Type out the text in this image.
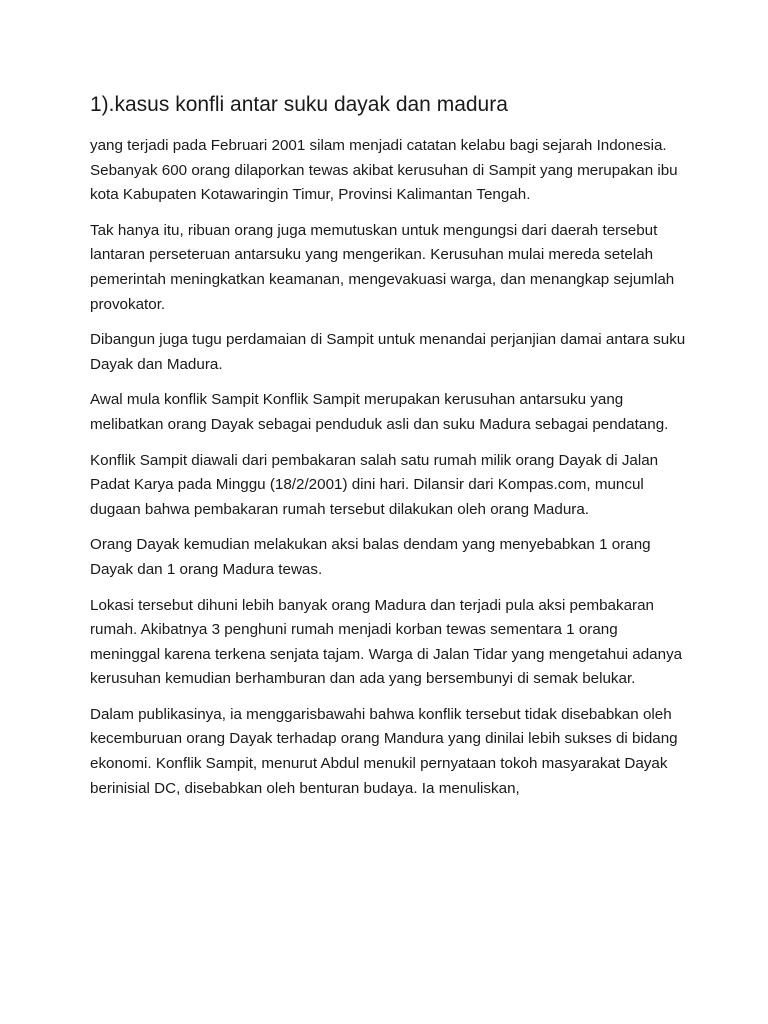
1).kasus konfli antar suku dayak dan madura

yang terjadi pada Februari 2001 silam menjadi catatan kelabu bagi sejarah Indonesia. Sebanyak 600 orang dilaporkan tewas akibat kerusuhan di Sampit yang merupakan ibu kota Kabupaten Kotawaringin Timur, Provinsi Kalimantan Tengah.

Tak hanya itu, ribuan orang juga memutuskan untuk mengungsi dari daerah tersebut lantaran perseteruan antarsuku yang mengerikan. Kerusuhan mulai mereda setelah pemerintah meningkatkan keamanan, mengevakuasi warga, dan menangkap sejumlah provokator.

Dibangun juga tugu perdamaian di Sampit untuk menandai perjanjian damai antara suku Dayak dan Madura.

Awal mula konflik Sampit Konflik Sampit merupakan kerusuhan antarsuku yang melibatkan orang Dayak sebagai penduduk asli dan suku Madura sebagai pendatang.

Konflik Sampit diawali dari pembakaran salah satu rumah milik orang Dayak di Jalan Padat Karya pada Minggu (18/2/2001) dini hari. Dilansir dari Kompas.com, muncul dugaan bahwa pembakaran rumah tersebut dilakukan oleh orang Madura.

Orang Dayak kemudian melakukan aksi balas dendam yang menyebabkan 1 orang Dayak dan 1 orang Madura tewas.

Lokasi tersebut dihuni lebih banyak orang Madura dan terjadi pula aksi pembakaran rumah. Akibatnya 3 penghuni rumah menjadi korban tewas sementara 1 orang meninggal karena terkena senjata tajam. Warga di Jalan Tidar yang mengetahui adanya kerusuhan kemudian berhamburan dan ada yang bersembunyi di semak belukar.

Dalam publikasinya, ia menggarisbawahi bahwa konflik tersebut tidak disebabkan oleh kecemburuan orang Dayak terhadap orang Mandura yang dinilai lebih sukses di bidang ekonomi. Konflik Sampit, menurut Abdul menukil pernyataan tokoh masyarakat Dayak berinisial DC, disebabkan oleh benturan budaya. Ia menuliskan,
